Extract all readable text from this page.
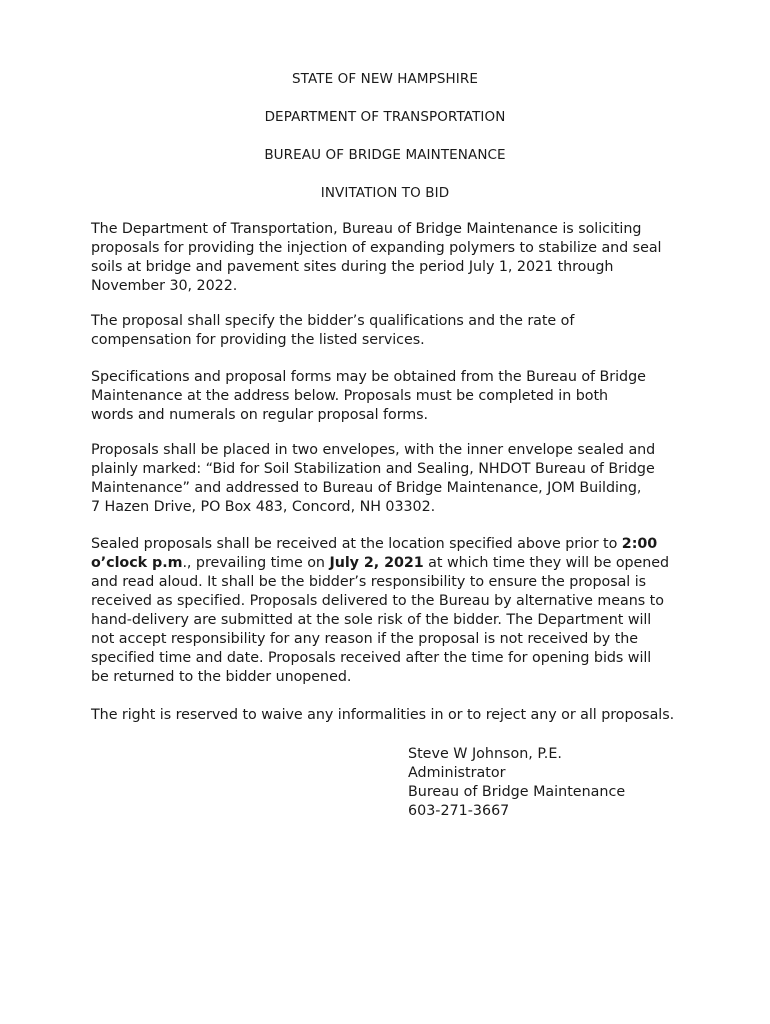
STATE OF NEW HAMPSHIRE
DEPARTMENT OF TRANSPORTATION
BUREAU OF BRIDGE MAINTENANCE
INVITATION TO BID
The Department of Transportation, Bureau of Bridge Maintenance is soliciting
proposals for providing the injection of expanding polymers to stabilize and seal
soils at bridge and pavement sites during the period July 1, 2021 through
November 30, 2022.
The proposal shall specify the bidder’s qualifications and the rate of
compensation for providing the listed services.
Specifications and proposal forms may be obtained from the Bureau of Bridge
Maintenance at the address below. Proposals must be completed in both
words and numerals on regular proposal forms.
Proposals shall be placed in two envelopes, with the inner envelope sealed and
plainly marked: “Bid for Soil Stabilization and Sealing, NHDOT Bureau of Bridge
Maintenance” and addressed to Bureau of Bridge Maintenance, JOM Building,
7 Hazen Drive, PO Box 483, Concord, NH 03302.
Sealed proposals shall be received at the location specified above prior to 2:00
o’clock p.m., prevailing time on July 2, 2021 at which time they will be opened
and read aloud. It shall be the bidder’s responsibility to ensure the proposal is
received as specified. Proposals delivered to the Bureau by alternative means to
hand-delivery are submitted at the sole risk of the bidder. The Department will
not accept responsibility for any reason if the proposal is not received by the
specified time and date. Proposals received after the time for opening bids will
be returned to the bidder unopened.
The right is reserved to waive any informalities in or to reject any or all proposals.
Steve W Johnson, P.E.
Administrator
Bureau of Bridge Maintenance
603-271-3667
